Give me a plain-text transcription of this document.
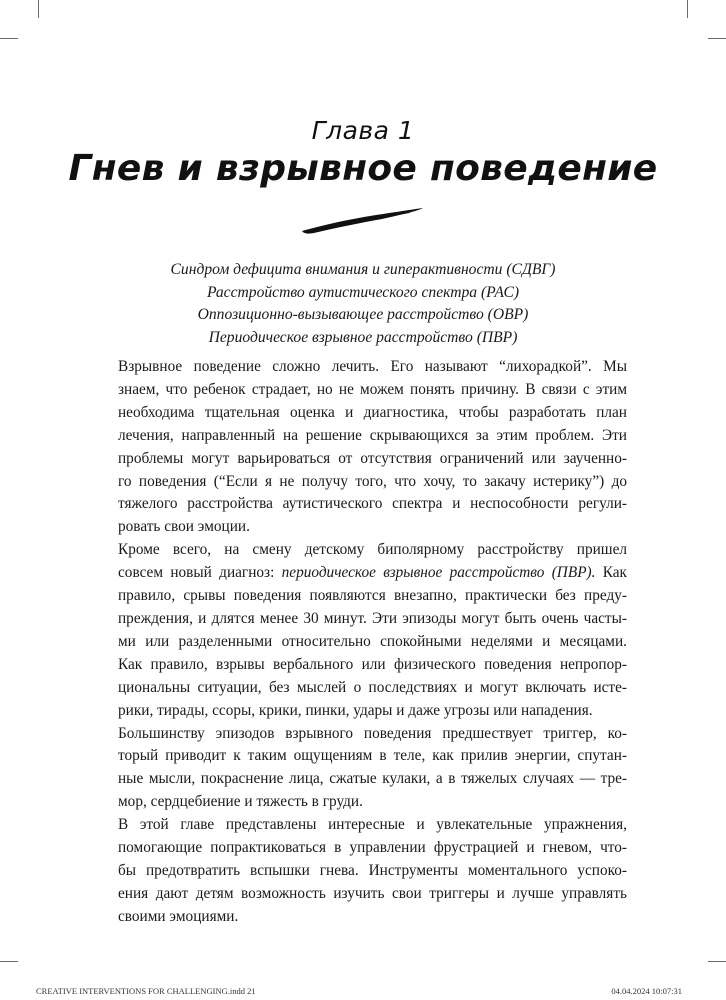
Глава 1
Гнев и взрывное поведение
Синдром дефицита внимания и гиперактивности (СДВГ)
Расстройство аутистического спектра (РАС)
Оппозиционно-вызывающее расстройство (ОВР)
Периодическое взрывное расстройство (ПВР)
Взрывное поведение сложно лечить. Его называют “лихорадкой”. Мы
знаем, что ребенок страдает, но не можем понять причину. В связи с этим
необходима тщательная оценка и диагностика, чтобы разработать план
лечения, направленный на решение скрывающихся за этим проблем. Эти
проблемы могут варьироваться от отсутствия ограничений или заученно-
го поведения (“Если я не получу того, что хочу, то закачу истерику”) до
тяжелого расстройства аутистического спектра и неспособности регули-
ровать свои эмоции.
Кроме всего, на смену детскому биполярному расстройству пришел
совсем новый диагноз: периодическое взрывное расстройство (ПВР). Как
правило, срывы поведения появляются внезапно, практически без преду-
преждения, и длятся менее 30 минут. Эти эпизоды могут быть очень часты-
ми или разделенными относительно спокойными неделями и месяцами.
Как правило, взрывы вербального или физического поведения непропор-
циональны ситуации, без мыслей о последствиях и могут включать исте-
рики, тирады, ссоры, крики, пинки, удары и даже угрозы или нападения.
Большинству эпизодов взрывного поведения предшествует триггер, ко-
торый приводит к таким ощущениям в теле, как прилив энергии, спутан-
ные мысли, покраснение лица, сжатые кулаки, а в тяжелых случаях — тре-
мор, сердцебиение и тяжесть в груди.
В этой главе представлены интересные и увлекательные упражнения,
помогающие попрактиковаться в управлении фрустрацией и гневом, что-
бы предотвратить вспышки гнева. Инструменты моментального успоко-
ения дают детям возможность изучить свои триггеры и лучше управлять
своими эмоциями.
CREATIVE INTERVENTIONS FOR CHALLENGING.indd 21	04.04.2024 10:07:31
